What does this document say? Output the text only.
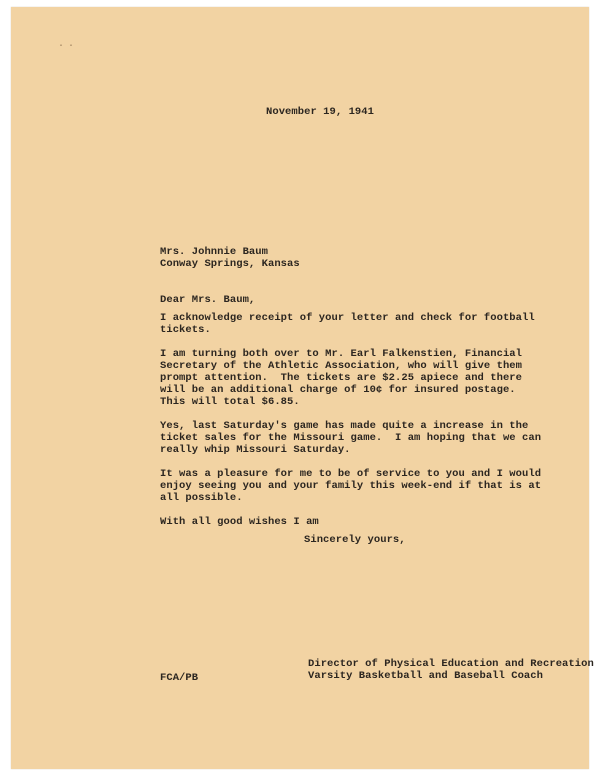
· ·
November 19, 1941
Mrs. Johnnie Baum
Conway Springs, Kansas
Dear Mrs. Baum,
I acknowledge receipt of your letter and check for football
tickets.
I am turning both over to Mr. Earl Falkenstien, Financial
Secretary of the Athletic Association, who will give them
prompt attention.  The tickets are $2.25 apiece and there
will be an additional charge of 10¢ for insured postage.
This will total $6.85.
Yes, last Saturday's game has made quite a increase in the
ticket sales for the Missouri game.  I am hoping that we can
really whip Missouri Saturday.
It was a pleasure for me to be of service to you and I would
enjoy seeing you and your family this week-end if that is at
all possible.
With all good wishes I am
Sincerely yours,
Director of Physical Education and Recreation
Varsity Basketball and Baseball Coach
FCA/PB
